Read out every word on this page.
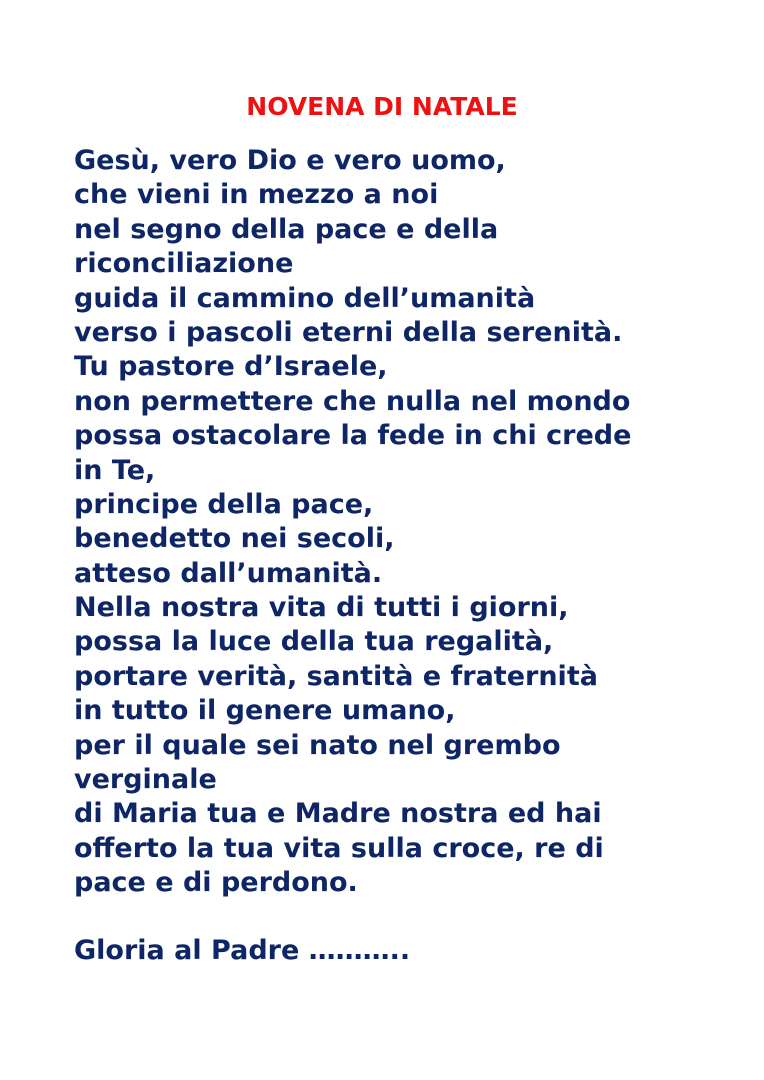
NOVENA DI NATALE
Gesù, vero Dio e vero uomo,
che vieni in mezzo a noi
nel segno della pace e della
riconciliazione
guida il cammino dell’umanità
verso i pascoli eterni della serenità.
Tu pastore d’Israele,
non permettere che nulla nel mondo
possa ostacolare la fede in chi crede
in Te,
principe della pace,
benedetto nei secoli,
atteso dall’umanità.
Nella nostra vita di tutti i giorni,
possa la luce della tua regalità,
portare verità, santità e fraternità
in tutto il genere umano,
per il quale sei nato nel grembo
verginale
di Maria tua e Madre nostra ed hai
offerto la tua vita sulla croce, re di
pace e di perdono.

Gloria al Padre ………..
